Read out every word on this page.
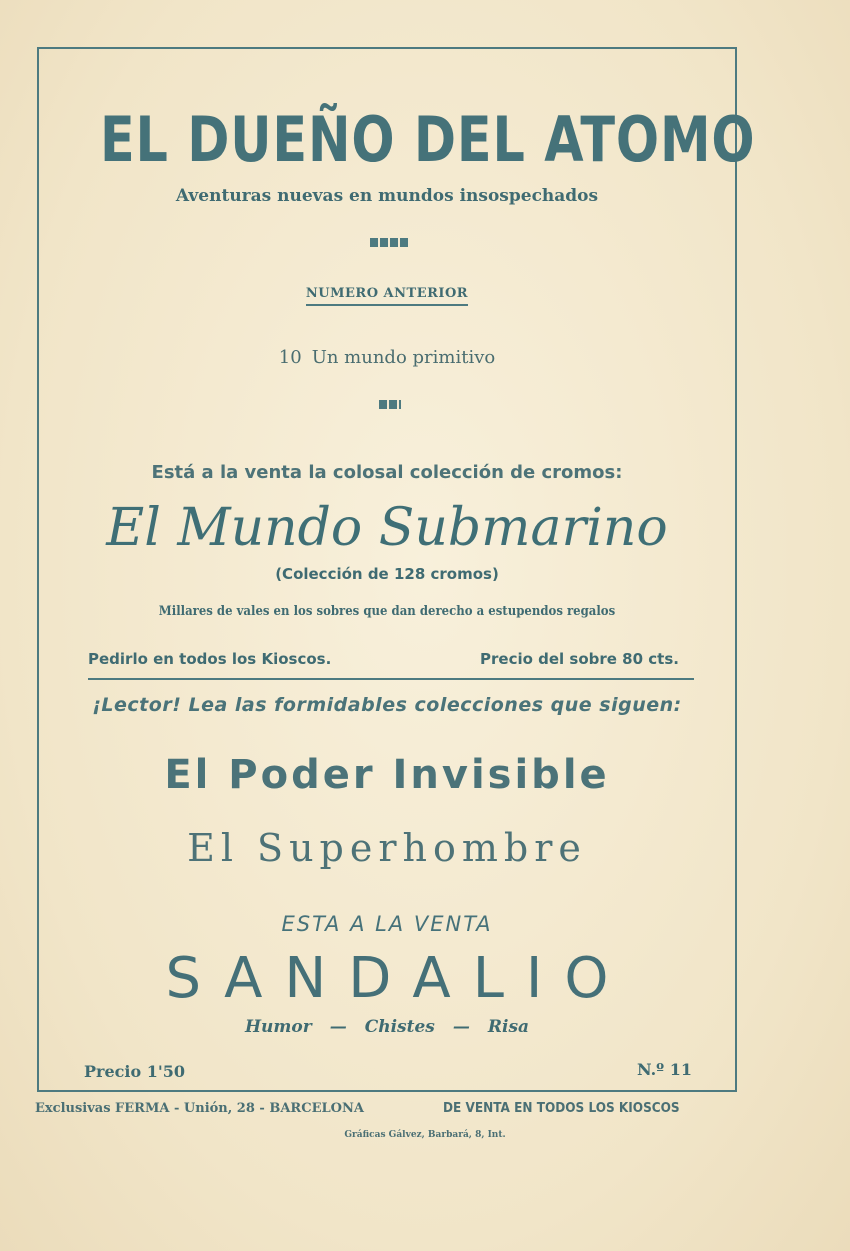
EL DUEÑO DEL ATOMO
Aventuras nuevas en mundos insospechados
NUMERO ANTERIOR
10 Un mundo primitivo
Está a la venta la colosal colección de cromos:
El Mundo Submarino
(Colección de 128 cromos)
Millares de vales en los sobres que dan derecho a estupendos regalos
Pedirlo en todos los Kioscos.	Precio del sobre 80 cts.
¡Lector! Lea las formidables colecciones que siguen:
El Poder Invisible
El Superhombre
ESTA A LA VENTA
SANDALIO
Humor — Chistes — Risa
Precio 1'50	N.º 11
Exclusivas FERMA - Unión, 28 - BARCELONA	DE VENTA EN TODOS LOS KIOSCOS
Gráficas Gálvez, Barbará, 8, Int.
